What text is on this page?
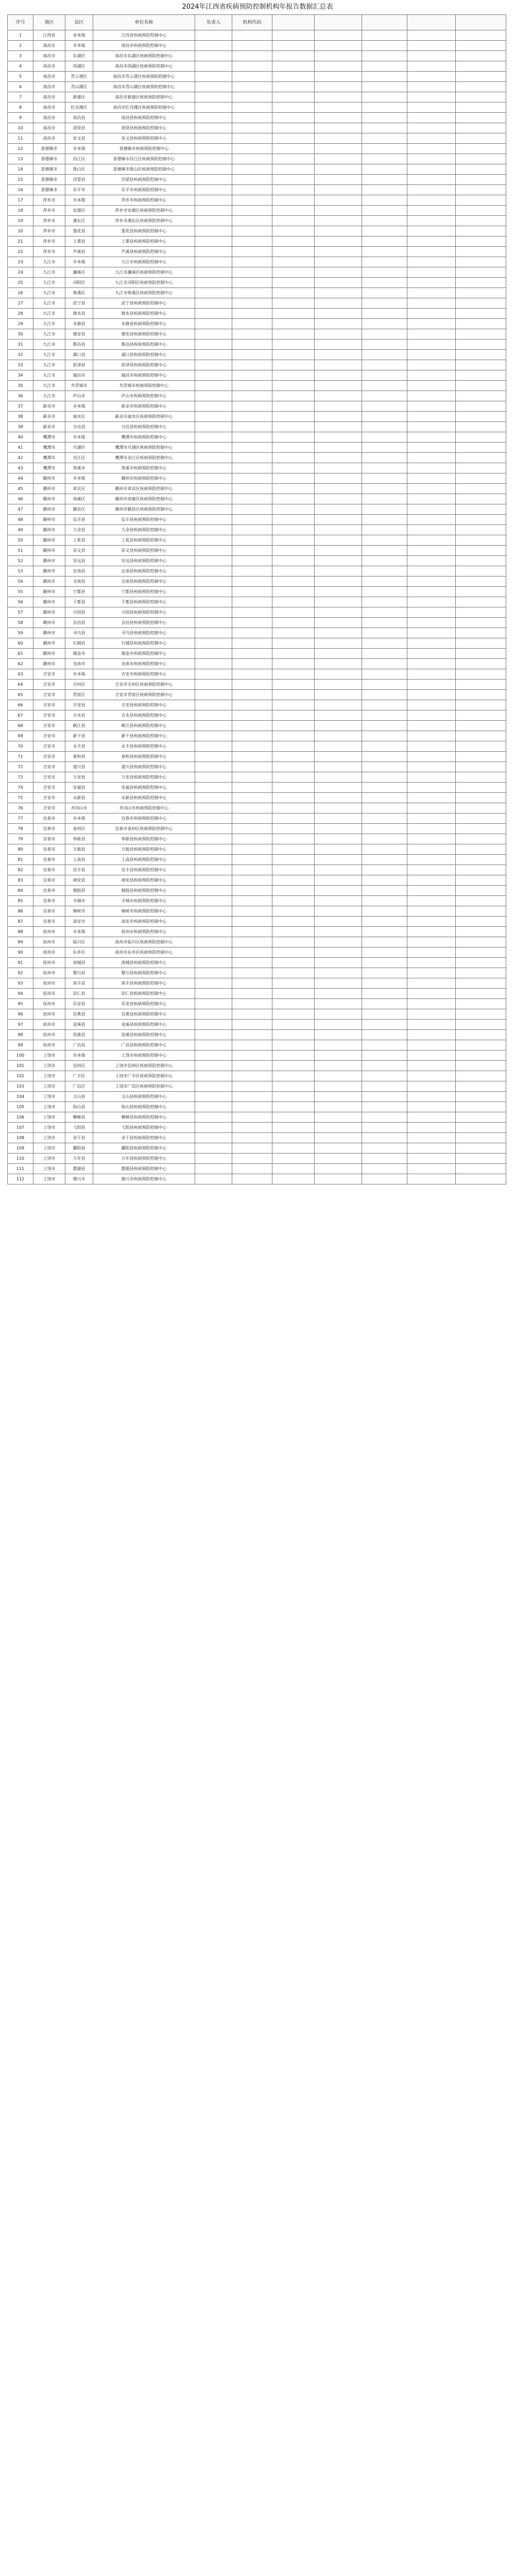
2024年江西省疾病预防控制机构年报告数据汇总表
序号	地区	县区	单位名称	负责人	机构代码					
1	江西省	省本级	江西省疾病预防控制中心							
2	南昌市	市本级	南昌市疾病预防控制中心							
3	南昌市	东湖区	南昌市东湖区疾病预防控制中心							
4	南昌市	西湖区	南昌市西湖区疾病预防控制中心							
5	南昌市	青云谱区	南昌市青云谱区疾病预防控制中心							
6	南昌市	青山湖区	南昌市青山湖区疾病预防控制中心							
7	南昌市	新建区	南昌市新建区疾病预防控制中心							
8	南昌市	红谷滩区	南昌市红谷滩区疾病预防控制中心							
9	南昌市	南昌县	南昌县疾病预防控制中心							
10	南昌市	进贤县	进贤县疾病预防控制中心							
11	南昌市	安义县	安义县疾病预防控制中心							
12	景德镇市	市本级	景德镇市疾病预防控制中心							
13	景德镇市	昌江区	景德镇市昌江区疾病预防控制中心							
14	景德镇市	珠山区	景德镇市珠山区疾病预防控制中心							
15	景德镇市	浮梁县	浮梁县疾病预防控制中心							
16	景德镇市	乐平市	乐平市疾病预防控制中心							
17	萍乡市	市本级	萍乡市疾病预防控制中心							
18	萍乡市	安源区	萍乡市安源区疾病预防控制中心							
19	萍乡市	湘东区	萍乡市湘东区疾病预防控制中心							
20	萍乡市	莲花县	莲花县疾病预防控制中心							
21	萍乡市	上栗县	上栗县疾病预防控制中心							
22	萍乡市	芦溪县	芦溪县疾病预防控制中心							
23	九江市	市本级	九江市疾病预防控制中心							
24	九江市	濂溪区	九江市濂溪区疾病预防控制中心							
25	九江市	浔阳区	九江市浔阳区疾病预防控制中心							
26	九江市	柴桑区	九江市柴桑区疾病预防控制中心							
27	九江市	武宁县	武宁县疾病预防控制中心							
28	九江市	修水县	修水县疾病预防控制中心							
29	九江市	永修县	永修县疾病预防控制中心							
30	九江市	德安县	德安县疾病预防控制中心							
31	九江市	都昌县	都昌县疾病预防控制中心							
32	九江市	湖口县	湖口县疾病预防控制中心							
33	九江市	彭泽县	彭泽县疾病预防控制中心							
34	九江市	瑞昌市	瑞昌市疾病预防控制中心							
35	九江市	共青城市	共青城市疾病预防控制中心							
36	九江市	庐山市	庐山市疾病预防控制中心							
37	新余市	市本级	新余市疾病预防控制中心							
38	新余市	渝水区	新余市渝水区疾病预防控制中心							
39	新余市	分宜县	分宜县疾病预防控制中心							
40	鹰潭市	市本级	鹰潭市疾病预防控制中心							
41	鹰潭市	月湖区	鹰潭市月湖区疾病预防控制中心							
42	鹰潭市	余江区	鹰潭市余江区疾病预防控制中心							
43	鹰潭市	贵溪市	贵溪市疾病预防控制中心							
44	赣州市	市本级	赣州市疾病预防控制中心							
45	赣州市	章贡区	赣州市章贡区疾病预防控制中心							
46	赣州市	南康区	赣州市南康区疾病预防控制中心							
47	赣州市	赣县区	赣州市赣县区疾病预防控制中心							
48	赣州市	信丰县	信丰县疾病预防控制中心							
49	赣州市	大余县	大余县疾病预防控制中心							
50	赣州市	上犹县	上犹县疾病预防控制中心							
51	赣州市	崇义县	崇义县疾病预防控制中心							
52	赣州市	安远县	安远县疾病预防控制中心							
53	赣州市	定南县	定南县疾病预防控制中心							
54	赣州市	全南县	全南县疾病预防控制中心							
55	赣州市	宁都县	宁都县疾病预防控制中心							
56	赣州市	于都县	于都县疾病预防控制中心							
57	赣州市	兴国县	兴国县疾病预防控制中心							
58	赣州市	会昌县	会昌县疾病预防控制中心							
59	赣州市	寻乌县	寻乌县疾病预防控制中心							
60	赣州市	石城县	石城县疾病预防控制中心							
61	赣州市	瑞金市	瑞金市疾病预防控制中心							
62	赣州市	龙南市	龙南市疾病预防控制中心							
63	吉安市	市本级	吉安市疾病预防控制中心							
64	吉安市	吉州区	吉安市吉州区疾病预防控制中心							
65	吉安市	青原区	吉安市青原区疾病预防控制中心							
66	吉安市	吉安县	吉安县疾病预防控制中心							
67	吉安市	吉水县	吉水县疾病预防控制中心							
68	吉安市	峡江县	峡江县疾病预防控制中心							
69	吉安市	新干县	新干县疾病预防控制中心							
70	吉安市	永丰县	永丰县疾病预防控制中心							
71	吉安市	泰和县	泰和县疾病预防控制中心							
72	吉安市	遂川县	遂川县疾病预防控制中心							
73	吉安市	万安县	万安县疾病预防控制中心							
74	吉安市	安福县	安福县疾病预防控制中心							
75	吉安市	永新县	永新县疾病预防控制中心							
76	吉安市	井冈山市	井冈山市疾病预防控制中心							
77	宜春市	市本级	宜春市疾病预防控制中心							
78	宜春市	袁州区	宜春市袁州区疾病预防控制中心							
79	宜春市	奉新县	奉新县疾病预防控制中心							
80	宜春市	万载县	万载县疾病预防控制中心							
81	宜春市	上高县	上高县疾病预防控制中心							
82	宜春市	宜丰县	宜丰县疾病预防控制中心							
83	宜春市	靖安县	靖安县疾病预防控制中心							
84	宜春市	铜鼓县	铜鼓县疾病预防控制中心							
85	宜春市	丰城市	丰城市疾病预防控制中心							
86	宜春市	樟树市	樟树市疾病预防控制中心							
87	宜春市	高安市	高安市疾病预防控制中心							
88	抚州市	市本级	抚州市疾病预防控制中心							
89	抚州市	临川区	抚州市临川区疾病预防控制中心							
90	抚州市	东乡区	抚州市东乡区疾病预防控制中心							
91	抚州市	南城县	南城县疾病预防控制中心							
92	抚州市	黎川县	黎川县疾病预防控制中心							
93	抚州市	南丰县	南丰县疾病预防控制中心							
94	抚州市	崇仁县	崇仁县疾病预防控制中心							
95	抚州市	乐安县	乐安县疾病预防控制中心							
96	抚州市	宜黄县	宜黄县疾病预防控制中心							
97	抚州市	金溪县	金溪县疾病预防控制中心							
98	抚州市	资溪县	资溪县疾病预防控制中心							
99	抚州市	广昌县	广昌县疾病预防控制中心							
100	上饶市	市本级	上饶市疾病预防控制中心							
101	上饶市	信州区	上饶市信州区疾病预防控制中心							
102	上饶市	广丰区	上饶市广丰区疾病预防控制中心							
103	上饶市	广信区	上饶市广信区疾病预防控制中心							
104	上饶市	玉山县	玉山县疾病预防控制中心							
105	上饶市	铅山县	铅山县疾病预防控制中心							
106	上饶市	横峰县	横峰县疾病预防控制中心							
107	上饶市	弋阳县	弋阳县疾病预防控制中心							
108	上饶市	余干县	余干县疾病预防控制中心							
109	上饶市	鄱阳县	鄱阳县疾病预防控制中心							
110	上饶市	万年县	万年县疾病预防控制中心							
111	上饶市	婺源县	婺源县疾病预防控制中心							
112	上饶市	德兴市	德兴市疾病预防控制中心							
